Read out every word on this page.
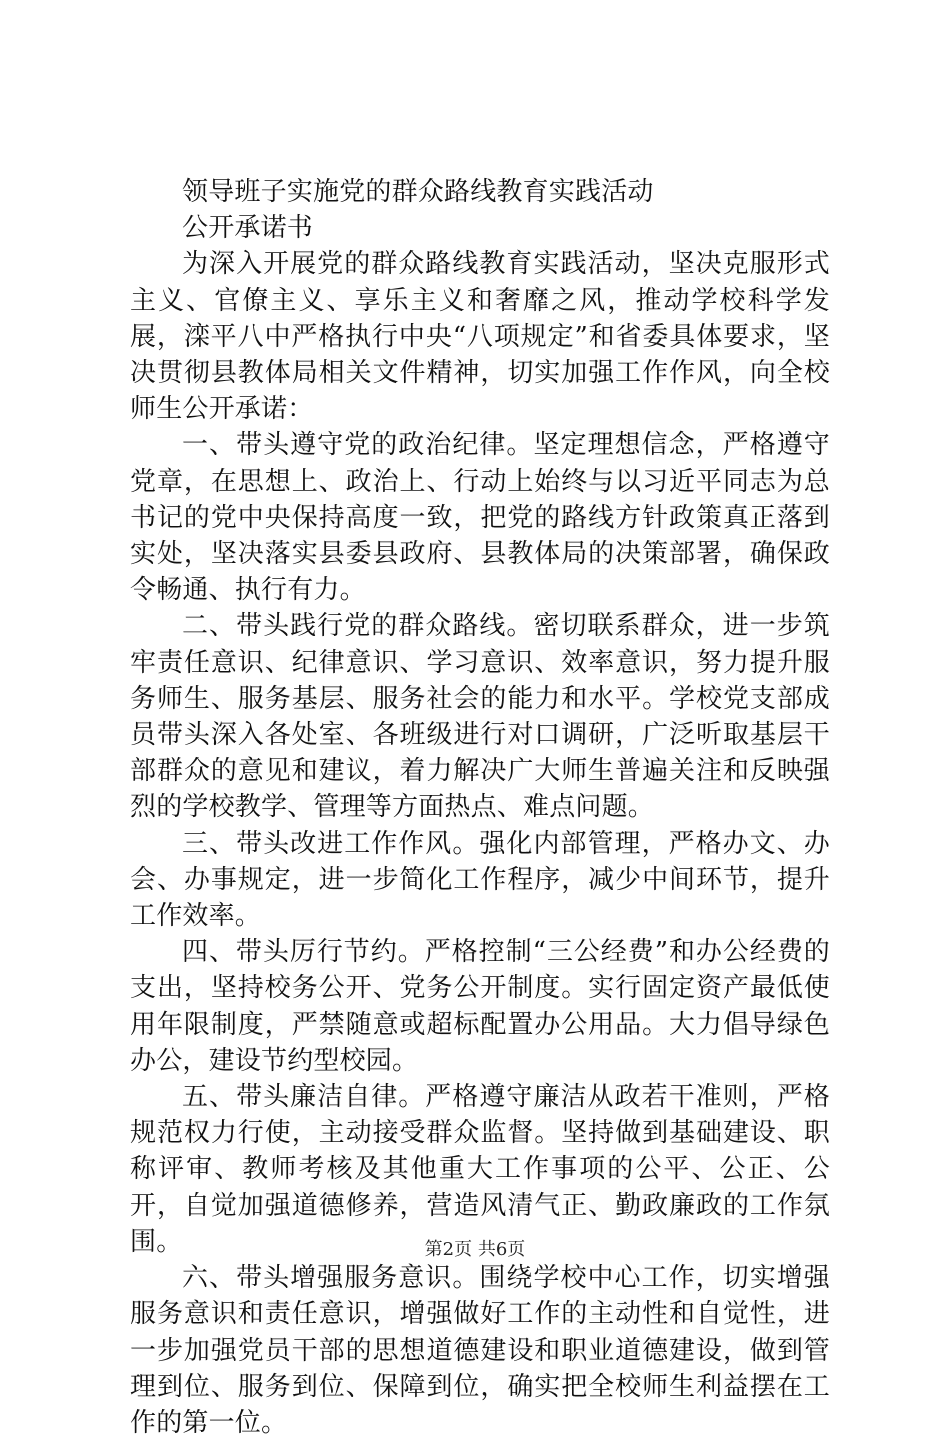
领导班子实施党的群众路线教育实践活动

公开承诺书

为深入开展党的群众路线教育实践活动，坚决克服形式主义、官僚主义、享乐主义和奢靡之风，推动学校科学发展，滦平八中严格执行中央“八项规定”和省委具体要求，坚决贯彻县教体局相关文件精神，切实加强工作作风，向全校师生公开承诺：

一、带头遵守党的政治纪律。坚定理想信念，严格遵守党章，在思想上、政治上、行动上始终与以习近平同志为总书记的党中央保持高度一致，把党的路线方针政策真正落到实处，坚决落实县委县政府、县教体局的决策部署，确保政令畅通、执行有力。

二、带头践行党的群众路线。密切联系群众，进一步筑牢责任意识、纪律意识、学习意识、效率意识，努力提升服务师生、服务基层、服务社会的能力和水平。学校党支部成员带头深入各处室、各班级进行对口调研，广泛听取基层干部群众的意见和建议，着力解决广大师生普遍关注和反映强烈的学校教学、管理等方面热点、难点问题。

三、带头改进工作作风。强化内部管理，严格办文、办会、办事规定，进一步简化工作程序，减少中间环节，提升工作效率。

四、带头厉行节约。严格控制“三公经费”和办公经费的支出，坚持校务公开、党务公开制度。实行固定资产最低使用年限制度，严禁随意或超标配置办公用品。大力倡导绿色办公，建设节约型校园。

五、带头廉洁自律。严格遵守廉洁从政若干准则，严格规范权力行使，主动接受群众监督。坚持做到基础建设、职称评审、教师考核及其他重大工作事项的公平、公正、公开，自觉加强道德修养，营造风清气正、勤政廉政的工作氛围。

六、带头增强服务意识。围绕学校中心工作，切实增强服务意识和责任意识，增强做好工作的主动性和自觉性，进一步加强党员干部的思想道德建设和职业道德建设，做到管理到位、服务到位、保障到位，确实把全校师生利益摆在工作的第一位。

第2页 共6页
